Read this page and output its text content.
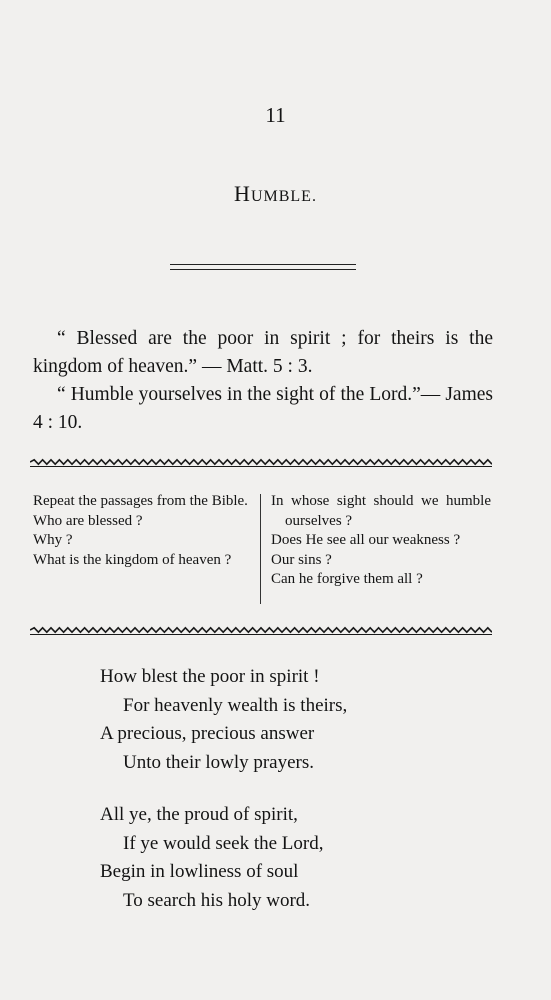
11
HUMBLE.
“ Blessed are the poor in spirit ; for theirs is the kingdom of heaven.” — Matt. 5 : 3.
“ Humble yourselves in the sight of the Lord.”— James 4 : 10.
Repeat the passages from the Bible.
Who are blessed ?
Why ?
What is the kingdom of heaven ?
In whose sight should we humble ourselves ?
Does He see all our weakness ?
Our sins ?
Can he forgive them all ?
How blest the poor in spirit !
For heavenly wealth is theirs,
A precious, precious answer
Unto their lowly prayers.
All ye, the proud of spirit,
If ye would seek the Lord,
Begin in lowliness of soul
To search his holy word.
